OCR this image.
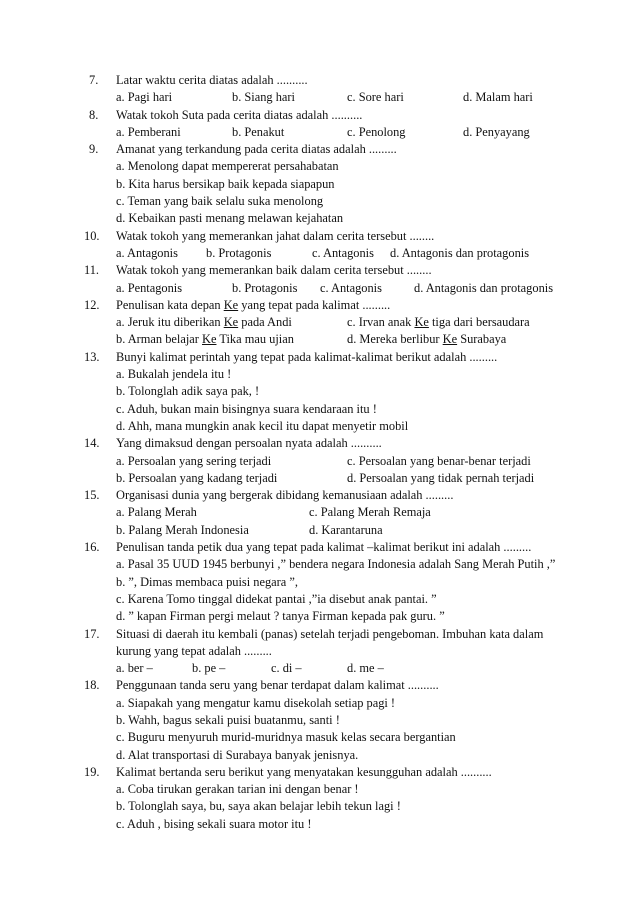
7. Latar waktu cerita diatas adalah ..........
a. Pagi hari	b. Siang hari	c. Sore hari	d. Malam hari
8. Watak tokoh Suta pada cerita diatas adalah ..........
a. Pemberani	b. Penakut	c. Penolong	d. Penyayang
9. Amanat yang terkandung pada cerita diatas adalah .........
a. Menolong dapat mempererat persahabatan
b. Kita harus bersikap baik kepada siapapun
c. Teman yang baik selalu suka menolong
d. Kebaikan pasti menang melawan kejahatan
10. Watak tokoh yang memerankan jahat dalam cerita tersebut ........
a. Antagonis b. Protagonis	c. Antagonis d. Antagonis dan protagonis
11. Watak tokoh yang memerankan baik dalam cerita tersebut ........
a. Pentagonis	b. Protagonis c. Antagonis	d. Antagonis dan protagonis
12. Penulisan kata depan Ke yang tepat pada kalimat .........
a. Jeruk itu diberikan Ke pada Andi	c. Irvan anak Ke tiga dari bersaudara
b. Arman belajar Ke Tika mau ujian	d. Mereka berlibur Ke Surabaya
13. Bunyi kalimat perintah yang tepat pada kalimat-kalimat berikut adalah .........
a. Bukalah jendela itu !
b. Tolonglah adik saya pak, !
c. Aduh, bukan main bisingnya suara kendaraan itu !
d. Ahh, mana mungkin anak kecil itu dapat menyetir mobil
14. Yang dimaksud dengan persoalan nyata adalah ..........
a. Persoalan yang sering terjadi	c. Persoalan yang benar-benar terjadi
b. Persoalan yang kadang terjadi	d. Persoalan yang tidak pernah terjadi
15. Organisasi dunia yang bergerak dibidang kemanusiaan adalah .........
a. Palang Merah	c. Palang Merah Remaja
b. Palang Merah Indonesia	d. Karantaruna
16. Penulisan tanda petik dua yang tepat pada kalimat –kalimat berikut ini adalah .........
a. Pasal 35 UUD 1945 berbunyi ,” bendera negara Indonesia adalah Sang Merah Putih ,”
b. ”, Dimas membaca puisi negara ”,
c. Karena Tomo tinggal didekat pantai ,”ia disebut anak pantai. ”
d. ” kapan Firman pergi melaut ? tanya Firman kepada pak guru. ”
17. Situasi di daerah itu kembali (panas) setelah terjadi pengeboman. Imbuhan kata dalam kurung yang tepat adalah .........
a. ber –	b. pe –	c. di –	d. me –
18. Penggunaan tanda seru yang benar terdapat dalam kalimat ..........
a. Siapakah yang mengatur kamu disekolah setiap pagi !
b. Wahh, bagus sekali puisi buatanmu, santi !
c. Buguru menyuruh murid-muridnya masuk kelas secara bergantian
d. Alat transportasi di Surabaya banyak jenisnya.
19. Kalimat bertanda seru berikut yang menyatakan kesungguhan adalah ..........
a. Coba tirukan gerakan tarian ini dengan benar !
b. Tolonglah saya, bu, saya akan belajar lebih tekun lagi !
c. Aduh , bising sekali suara motor itu !
